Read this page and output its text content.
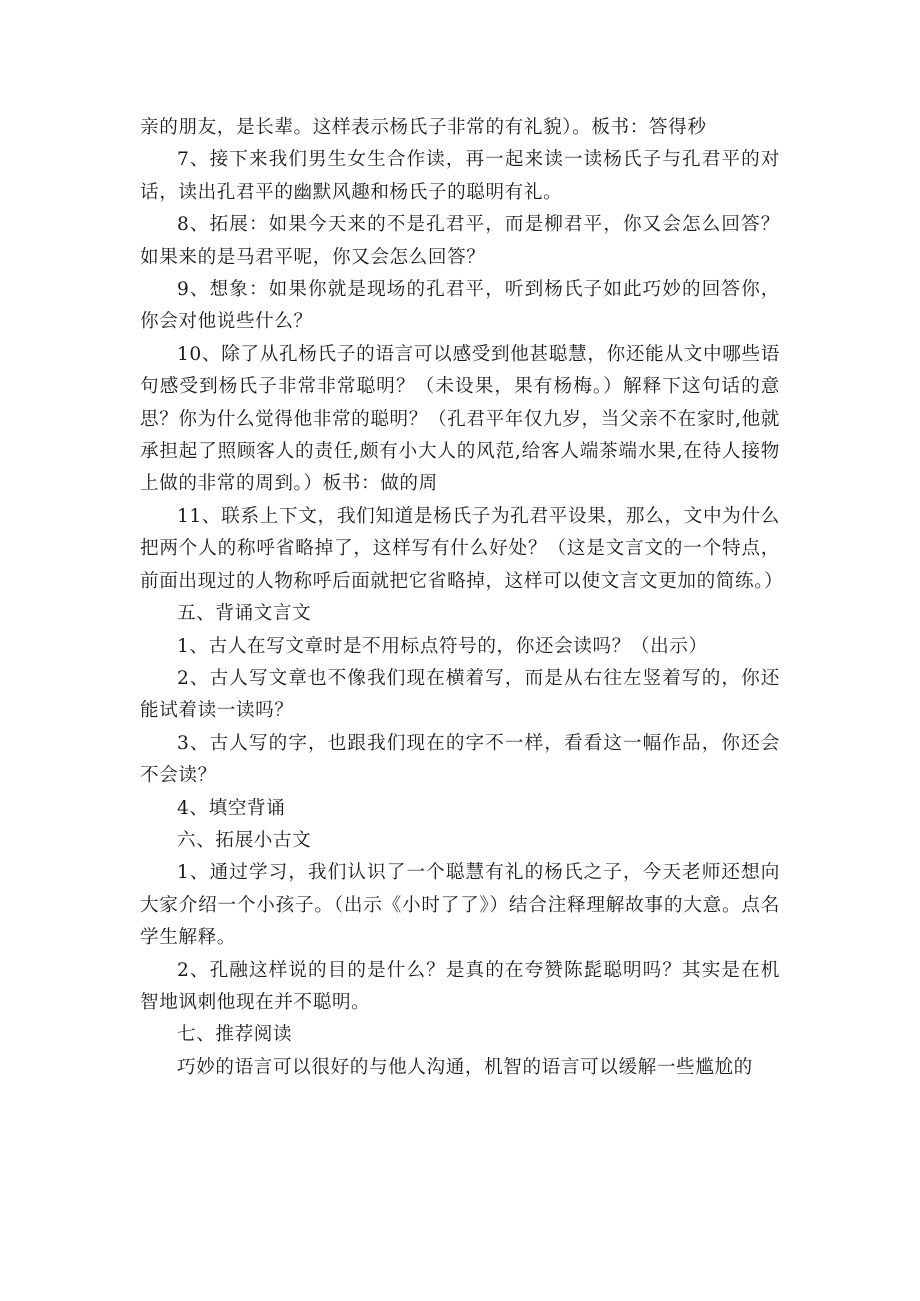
亲的朋友，是长辈。这样表示杨氏子非常的有礼貌）。板书：答得秒

7、接下来我们男生女生合作读，再一起来读一读杨氏子与孔君平的对话，读出孔君平的幽默风趣和杨氏子的聪明有礼。

8、拓展：如果今天来的不是孔君平，而是柳君平，你又会怎么回答？如果来的是马君平呢，你又会怎么回答？

9、想象：如果你就是现场的孔君平，听到杨氏子如此巧妙的回答你，你会对他说些什么？

10、除了从孔杨氏子的语言可以感受到他甚聪慧，你还能从文中哪些语句感受到杨氏子非常非常聪明？（未设果，果有杨梅。）解释下这句话的意思？你为什么觉得他非常的聪明？（孔君平年仅九岁，当父亲不在家时,他就承担起了照顾客人的责任,颇有小大人的风范,给客人端茶端水果,在待人接物上做的非常的周到。）板书：做的周

11、联系上下文，我们知道是杨氏子为孔君平设果，那么，文中为什么把两个人的称呼省略掉了，这样写有什么好处？（这是文言文的一个特点，前面出现过的人物称呼后面就把它省略掉，这样可以使文言文更加的简练。）

五、背诵文言文

1、古人在写文章时是不用标点符号的，你还会读吗？（出示）

2、古人写文章也不像我们现在横着写，而是从右往左竖着写的，你还能试着读一读吗？

3、古人写的字，也跟我们现在的字不一样，看看这一幅作品，你还会不会读？

4、填空背诵

六、拓展小古文

1、通过学习，我们认识了一个聪慧有礼的杨氏之子，今天老师还想向大家介绍一个小孩子。（出示《小时了了》）结合注释理解故事的大意。点名学生解释。

2、孔融这样说的目的是什么？是真的在夸赞陈髭聪明吗？其实是在机智地讽刺他现在并不聪明。

七、推荐阅读

巧妙的语言可以很好的与他人沟通，机智的语言可以缓解一些尴尬的
